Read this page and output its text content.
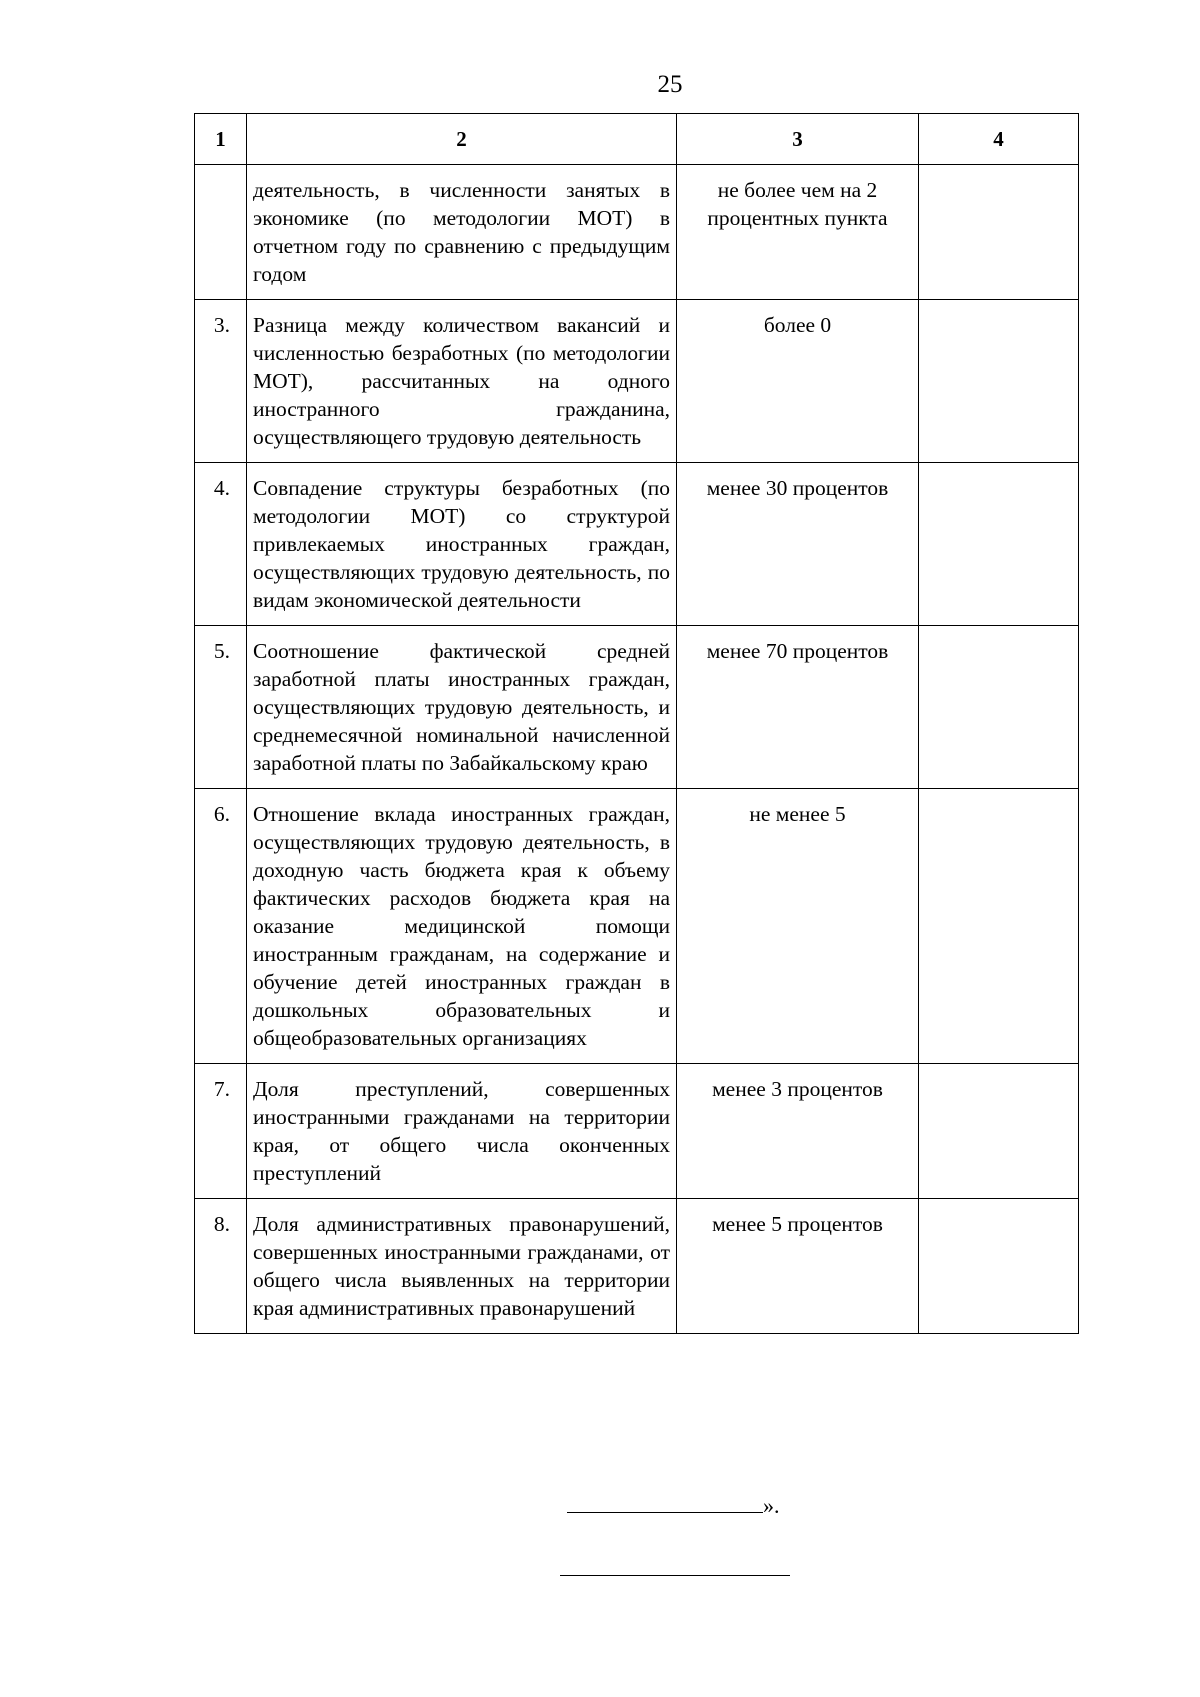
25
1	2	3	4
	деятельность, в численности занятых в экономике (по методологии МОТ) в отчетном году по сравнению с предыдущим годом	не более чем на 2 процентных пункта	
3.	Разница между количеством вакансий и численностью безработных (по методологии МОТ), рассчитанных на одного иностранного гражданина, осуществляющего трудовую деятельность	более 0	
4.	Совпадение структуры безработных (по методологии МОТ) со структурой привлекаемых иностранных граждан, осуществляющих трудовую деятельность, по видам экономической деятельности	менее 30 процентов	
5.	Соотношение фактической средней заработной платы иностранных граждан, осуществляющих трудовую деятельность, и среднемесячной номинальной начисленной заработной платы по Забайкальскому краю	менее 70 процентов	
6.	Отношение вклада иностранных граждан, осуществляющих трудовую деятельность, в доходную часть бюджета края к объему фактических расходов бюджета края на оказание медицинской помощи иностранным гражданам, на содержание и обучение детей иностранных граждан в дошкольных образовательных и общеобразовательных организациях	не менее 5	
7.	Доля преступлений, совершенных иностранными гражданами на территории края, от общего числа оконченных преступлений	менее 3 процентов	
8.	Доля административных правонарушений, совершенных иностранными гражданами, от общего числа выявленных на территории края административных правонарушений	менее 5 процентов	
».
